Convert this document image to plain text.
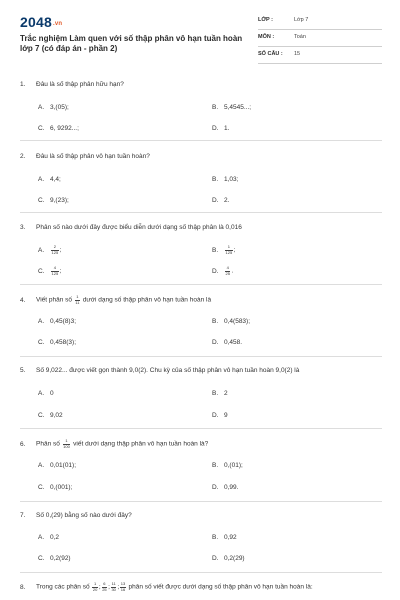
2048.vn
Trắc nghiệm Làm quen với số thập phân vô hạn tuần hoàn lớp 7 (có đáp án - phần 2)
LỚP :	Lớp 7
MÔN :	Toán
SỐ CÂU : 15
1. Đâu là số thập phân hữu hạn?
A. 3,(05);	B. 5,4545...;
C. 6, 9292...;	D. 1.
2. Đâu là số thập phân vô hạn tuần hoàn?
A. 4,4;	B. 1,03;
C. 9,(23);	D. 2.
3. Phân số nào dưới đây được biểu diễn dưới dạng số thập phân là 0,016
A. $\frac{2}{125}$ ;	B. $\frac{1}{125}$ ;
C. $\frac{4}{125}$ ;	D. $\frac{4}{25}$ .
4. Viết phân số $\frac{1}{11}$ dưới dạng số thập phân vô hạn tuần hoàn là
A. 0,45(8)3;	B. 0,4(583);
C. 0,458(3);	D. 0,458.
5. Số 9,022... được viết gọn thành 9,0(2). Chu kỳ của số thập phân vô hạn tuần hoàn 9,0(2) là
A. 0	B. 2
C. 9,02	D. 9
6. Phân số $\frac{1}{100}$ viết dưới dạng thập phân vô hạn tuần hoàn là?
A. 0,01(01);	B. 0,(01);
C. 0,(001);	D. 0,99.
7. Số 0,(29) bằng số nào dưới đây?
A. 0,2	B. 0,92
C. 0,2(92)	D. 0,2(29)
8. Trong các phân số $\frac{1}{20}$ ; $\frac{6}{25}$ ; $\frac{11}{30}$ ; $\frac{13}{16}$ phân số viết được dưới dạng số thập phân vô hạn tuần hoàn là:
